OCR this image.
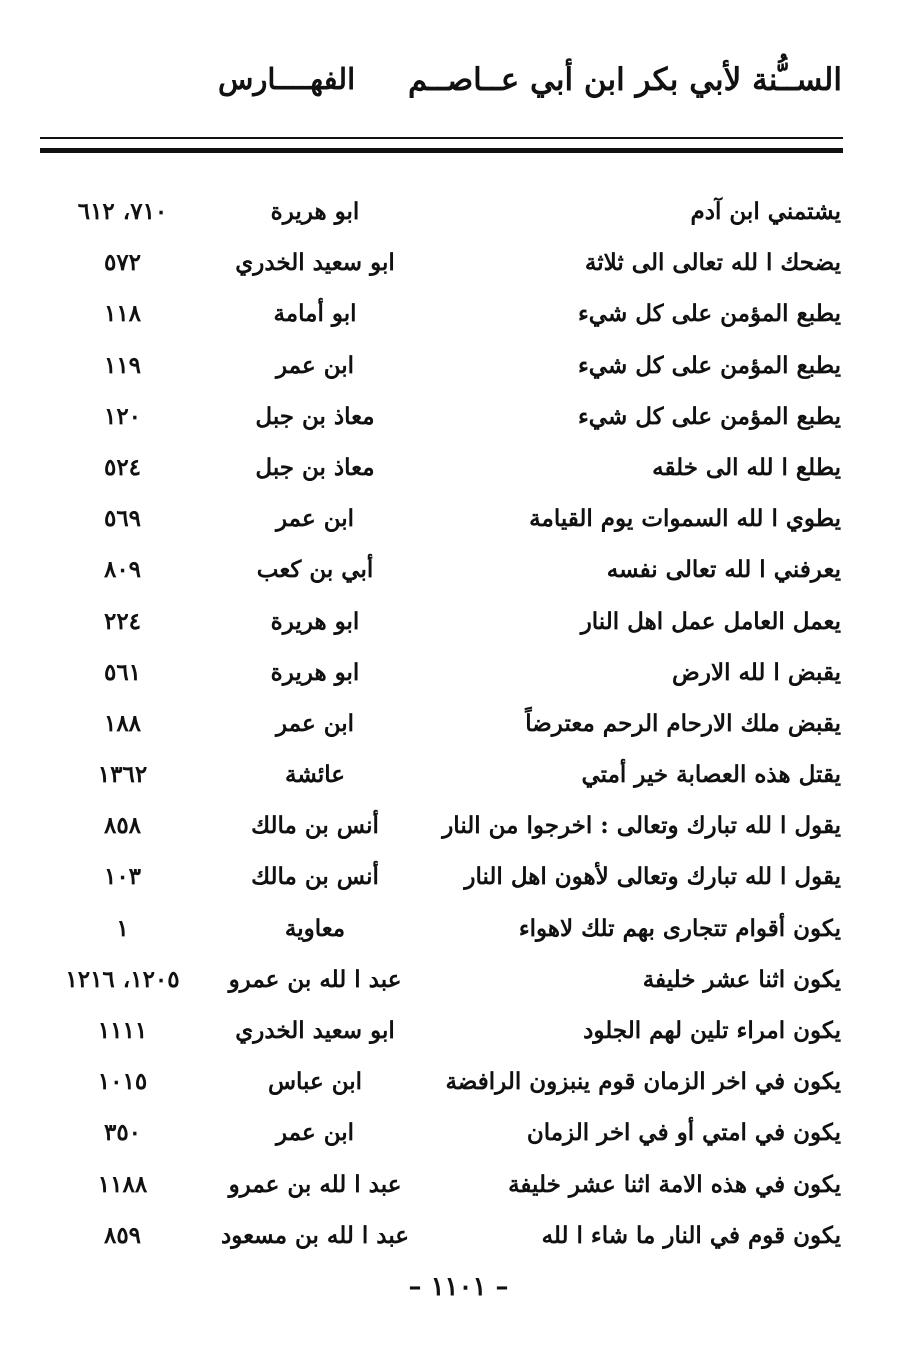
الســُّنة لأبي بكر ابن أبي عــاصــم
الفهــــارس
يشتمني ابن آدم
ابو هريرة
٧١٠، ٦١٢
يضحك ا لله تعالى الى ثلاثة
ابو سعيد الخدري
٥٧٢
يطبع المؤمن على كل شيء
ابو أمامة
١١٨
يطبع المؤمن على كل شيء
ابن عمر
١١٩
يطبع المؤمن على كل شيء
معاذ بن جبل
١٢٠
يطلع ا لله الى خلقه
معاذ بن جبل
٥٢٤
يطوي ا لله السموات يوم القيامة
ابن عمر
٥٦٩
يعرفني ا لله تعالى نفسه
أبي بن كعب
٨٠٩
يعمل العامل عمل اهل النار
ابو هريرة
٢٢٤
يقبض ا لله الارض
ابو هريرة
٥٦١
يقبض ملك الارحام الرحم معترضاً
ابن عمر
١٨٨
يقتل هذه العصابة خير أمتي
عائشة
١٣٦٢
يقول ا لله تبارك وتعالى : اخرجوا من النار
أنس بن مالك
٨٥٨
يقول ا لله تبارك وتعالى لأهون اهل النار
أنس بن مالك
١٠٣
يكون أقوام تتجارى بهم تلك لاهواء
معاوية
١
يكون اثنا عشر خليفة
عبد ا لله بن عمرو
١٢٠٥، ١٢١٦
يكون امراء تلين لهم الجلود
ابو سعيد الخدري
١١١١
يكون في اخر الزمان قوم ينبزون الرافضة
ابن عباس
١٠١٥
يكون في امتي أو في اخر الزمان
ابن عمر
٣٥٠
يكون في هذه الامة اثنا عشر خليفة
عبد ا لله بن عمرو
١١٨٨
يكون قوم في النار ما شاء ا لله
عبد ا لله بن مسعود
٨٥٩
– ١١٠١ –
